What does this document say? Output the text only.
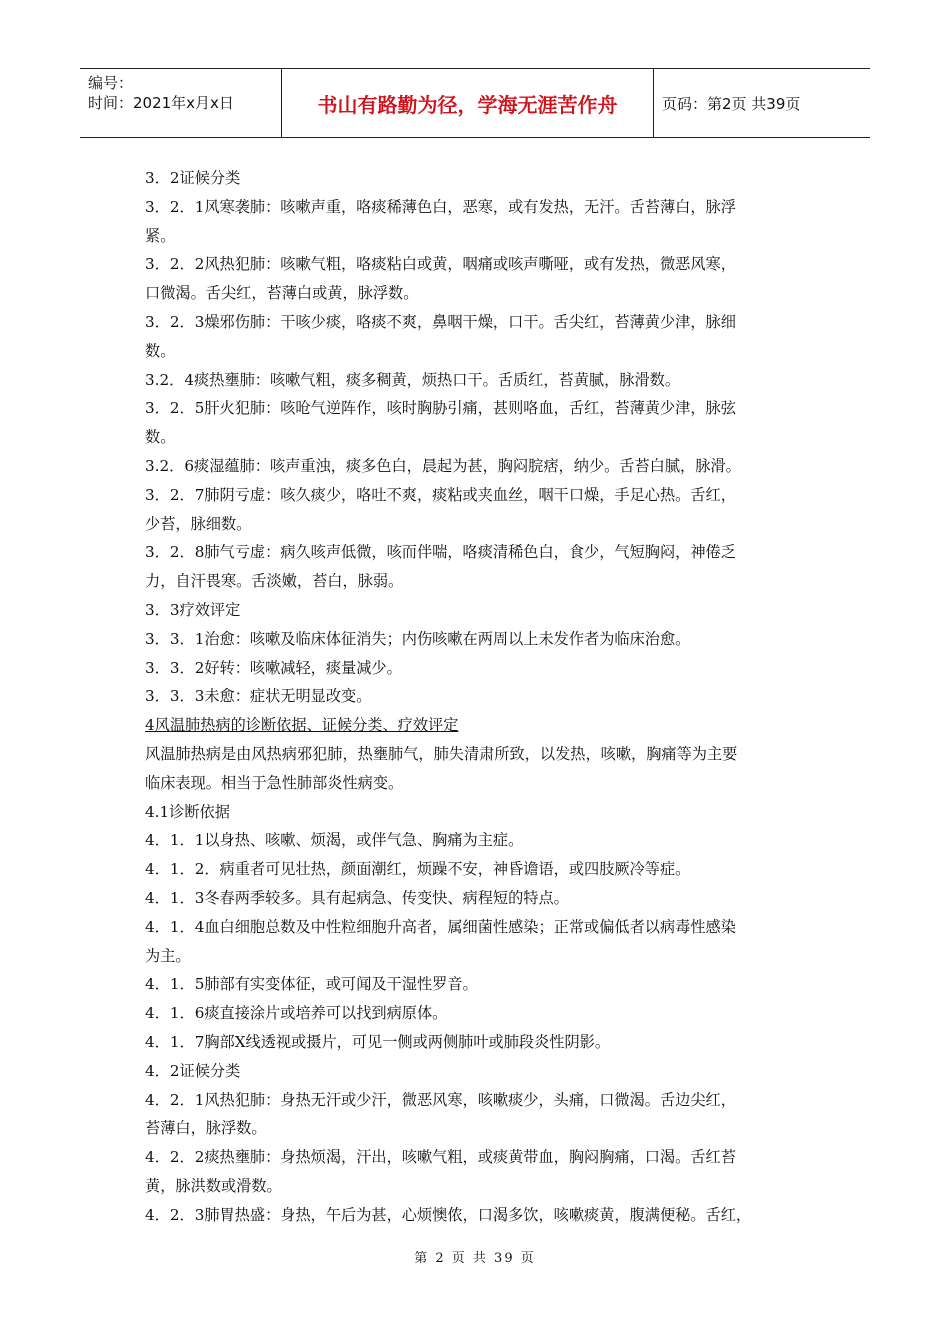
编号：
时间：2021年x月x日	书山有路勤为径，学海无涯苦作舟	页码：第2页 共39页
3．2证候分类
3．2．1风寒袭肺：咳嗽声重，咯痰稀薄色白，恶寒，或有发热，无汗。舌苔薄白，脉浮
紧。
3．2．2风热犯肺：咳嗽气粗，咯痰粘白或黄，咽痛或咳声嘶哑，或有发热，微恶风寒，
口微渴。舌尖红，苔薄白或黄，脉浮数。
3．2．3燥邪伤肺：干咳少痰，咯痰不爽，鼻咽干燥，口干。舌尖红，苔薄黄少津，脉细
数。
3.2．4痰热壅肺：咳嗽气粗，痰多稠黄，烦热口干。舌质红，苔黄腻，脉滑数。
3．2．5肝火犯肺：咳呛气逆阵作，咳时胸胁引痛，甚则咯血，舌红，苔薄黄少津，脉弦
数。
3.2．6痰湿蕴肺：咳声重浊，痰多色白，晨起为甚，胸闷脘痞，纳少。舌苔白腻，脉滑。
3．2．7肺阴亏虚：咳久痰少，咯吐不爽，痰粘或夹血丝，咽干口燥，手足心热。舌红，
少苔，脉细数。
3．2．8肺气亏虚：病久咳声低微，咳而伴喘，咯痰清稀色白，食少，气短胸闷，神倦乏
力，自汗畏寒。舌淡嫩，苔白，脉弱。
3．3疗效评定
3．3．1治愈：咳嗽及临床体征消失；内伤咳嗽在两周以上未发作者为临床治愈。
3．3．2好转：咳嗽减轻，痰量减少。
3．3．3未愈：症状无明显改变。
4风温肺热病的诊断依据、证候分类、疗效评定
风温肺热病是由风热病邪犯肺，热壅肺气，肺失清肃所致，以发热，咳嗽，胸痛等为主要
临床表现。相当于急性肺部炎性病变。
4.1诊断依据
4．1．1以身热、咳嗽、烦渴，或伴气急、胸痛为主症。
4．1．2．病重者可见壮热，颜面潮红，烦躁不安，神昏谵语，或四肢厥冷等症。
4．1．3冬春两季较多。具有起病急、传变快、病程短的特点。
4．1．4血白细胞总数及中性粒细胞升高者，属细菌性感染；正常或偏低者以病毒性感染
为主。
4．1．5肺部有实变体征，或可闻及干湿性罗音。
4．1．6痰直接涂片或培养可以找到病原体。
4．1．7胸部X线透视或摄片，可见一侧或两侧肺叶或肺段炎性阴影。
4．2证候分类
4．2．1风热犯肺：身热无汗或少汗，微恶风寒，咳嗽痰少，头痛，口微渴。舌边尖红，
苔薄白，脉浮数。
4．2．2痰热壅肺：身热烦渴，汗出，咳嗽气粗，或痰黄带血，胸闷胸痛，口渴。舌红苔
黄，脉洪数或滑数。
4．2．3肺胃热盛：身热，午后为甚，心烦懊侬，口渴多饮，咳嗽痰黄，腹满便秘。舌红，
第 2 页 共 39 页
